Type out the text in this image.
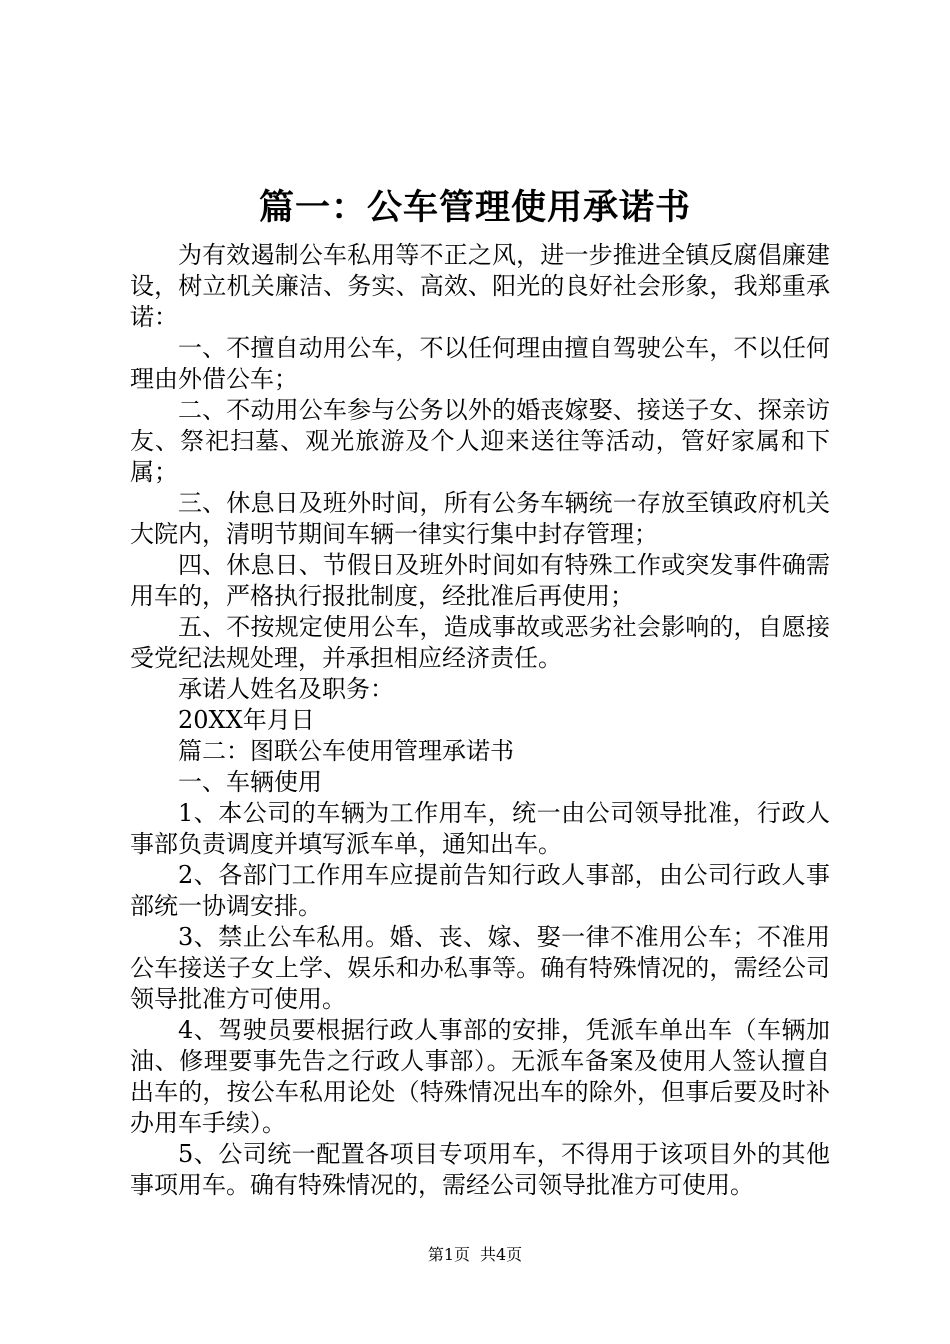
篇一：公车管理使用承诺书

为有效遏制公车私用等不正之风，进一步推进全镇反腐倡廉建设，树立机关廉洁、务实、高效、阳光的良好社会形象，我郑重承诺：

一、不擅自动用公车，不以任何理由擅自驾驶公车，不以任何理由外借公车；

二、不动用公车参与公务以外的婚丧嫁娶、接送子女、探亲访友、祭祀扫墓、观光旅游及个人迎来送往等活动，管好家属和下属；

三、休息日及班外时间，所有公务车辆统一存放至镇政府机关大院内，清明节期间车辆一律实行集中封存管理；

四、休息日、节假日及班外时间如有特殊工作或突发事件确需用车的，严格执行报批制度，经批准后再使用；

五、不按规定使用公车，造成事故或恶劣社会影响的，自愿接受党纪法规处理，并承担相应经济责任。

承诺人姓名及职务：

20XX年月日

篇二：图联公车使用管理承诺书

一、车辆使用

1、本公司的车辆为工作用车，统一由公司领导批准，行政人事部负责调度并填写派车单，通知出车。

2、各部门工作用车应提前告知行政人事部，由公司行政人事部统一协调安排。

3、禁止公车私用。婚、丧、嫁、娶一律不准用公车；不准用公车接送子女上学、娱乐和办私事等。确有特殊情况的，需经公司领导批准方可使用。

4、驾驶员要根据行政人事部的安排，凭派车单出车（车辆加油、修理要事先告之行政人事部）。无派车备案及使用人签认擅自出车的，按公车私用论处（特殊情况出车的除外，但事后要及时补办用车手续）。

5、公司统一配置各项目专项用车，不得用于该项目外的其他事项用车。确有特殊情况的，需经公司领导批准方可使用。

第1页 共4页
